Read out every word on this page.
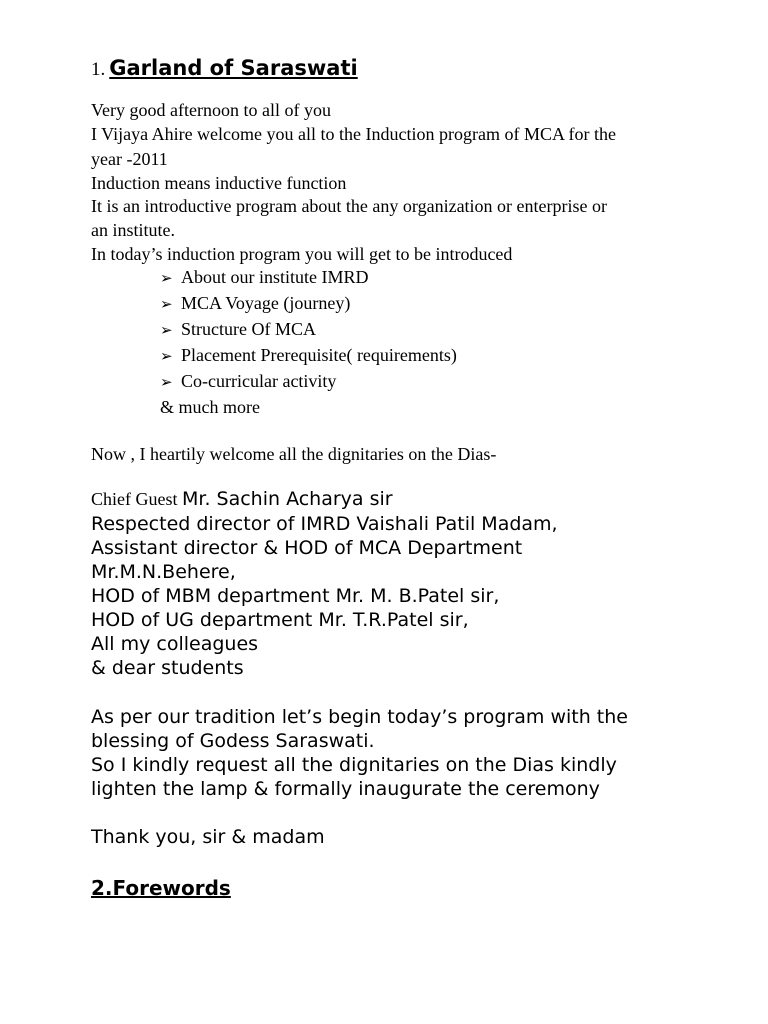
1. Garland of Saraswati
Very good afternoon to all of you
I Vijaya Ahire welcome you all to the Induction program of MCA for the
year -2011
Induction means inductive function
It is an introductive program about the any organization or enterprise or
an institute.
In today’s induction program you will get to be introduced
➢ About our institute IMRD
➢ MCA Voyage (journey)
➢ Structure Of MCA
➢ Placement Prerequisite( requirements)
➢ Co-curricular activity
& much more
Now , I heartily welcome all the dignitaries on the Dias-
Chief Guest Mr. Sachin Acharya sir
Respected director of IMRD Vaishali Patil Madam,
Assistant director & HOD of MCA Department
Mr.M.N.Behere,
HOD of MBM department Mr. M. B.Patel sir,
HOD of UG department Mr. T.R.Patel sir,
All my colleagues
& dear students
As per our tradition let’s begin today’s program with the
blessing of Godess Saraswati.
So I kindly request all the dignitaries on the Dias kindly
lighten the lamp & formally inaugurate the ceremony
Thank you, sir & madam
2.Forewords
